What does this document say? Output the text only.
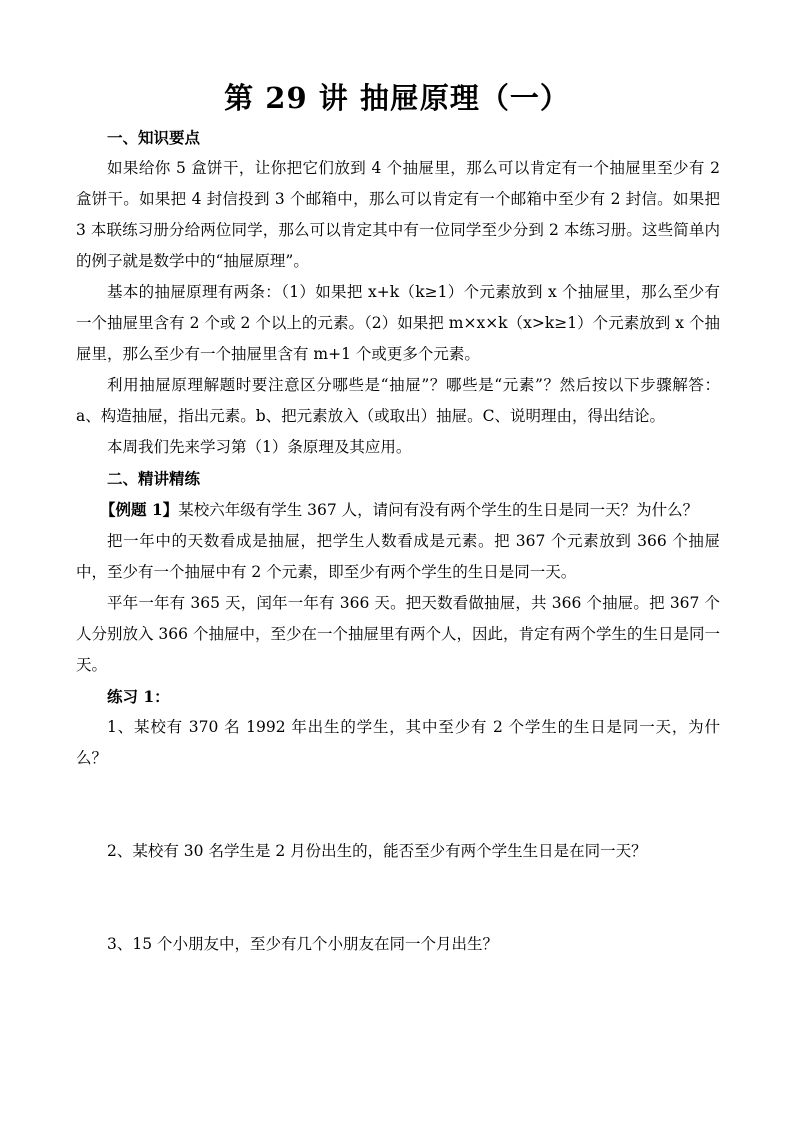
第 29 讲 抽屉原理（一）

一、知识要点

如果给你 5 盒饼干，让你把它们放到 4 个抽屉里，那么可以肯定有一个抽屉里至少有 2 盒饼干。如果把 4 封信投到 3 个邮箱中，那么可以肯定有一个邮箱中至少有 2 封信。如果把 3 本联练习册分给两位同学，那么可以肯定其中有一位同学至少分到 2 本练习册。这些简单内的例子就是数学中的“抽屉原理”。

基本的抽屉原理有两条：（1）如果把 x+k（k≥1）个元素放到 x 个抽屉里，那么至少有一个抽屉里含有 2 个或 2 个以上的元素。（2）如果把 m×x×k（x>k≥1）个元素放到 x 个抽屉里，那么至少有一个抽屉里含有 m+1 个或更多个元素。

利用抽屉原理解题时要注意区分哪些是“抽屉”？哪些是“元素”？然后按以下步骤解答：a、构造抽屉，指出元素。b、把元素放入（或取出）抽屉。C、说明理由，得出结论。

本周我们先来学习第（1）条原理及其应用。

二、精讲精练

【例题 1】某校六年级有学生 367 人，请问有没有两个学生的生日是同一天？为什么？

把一年中的天数看成是抽屉，把学生人数看成是元素。把 367 个元素放到 366 个抽屉中，至少有一个抽屉中有 2 个元素，即至少有两个学生的生日是同一天。

平年一年有 365 天，闰年一年有 366 天。把天数看做抽屉，共 366 个抽屉。把 367 个人分别放入 366 个抽屉中，至少在一个抽屉里有两个人，因此，肯定有两个学生的生日是同一天。

练习 1：

1、某校有 370 名 1992 年出生的学生，其中至少有 2 个学生的生日是同一天，为什么？

2、某校有 30 名学生是 2 月份出生的，能否至少有两个学生生日是在同一天？

3、15 个小朋友中，至少有几个小朋友在同一个月出生？
